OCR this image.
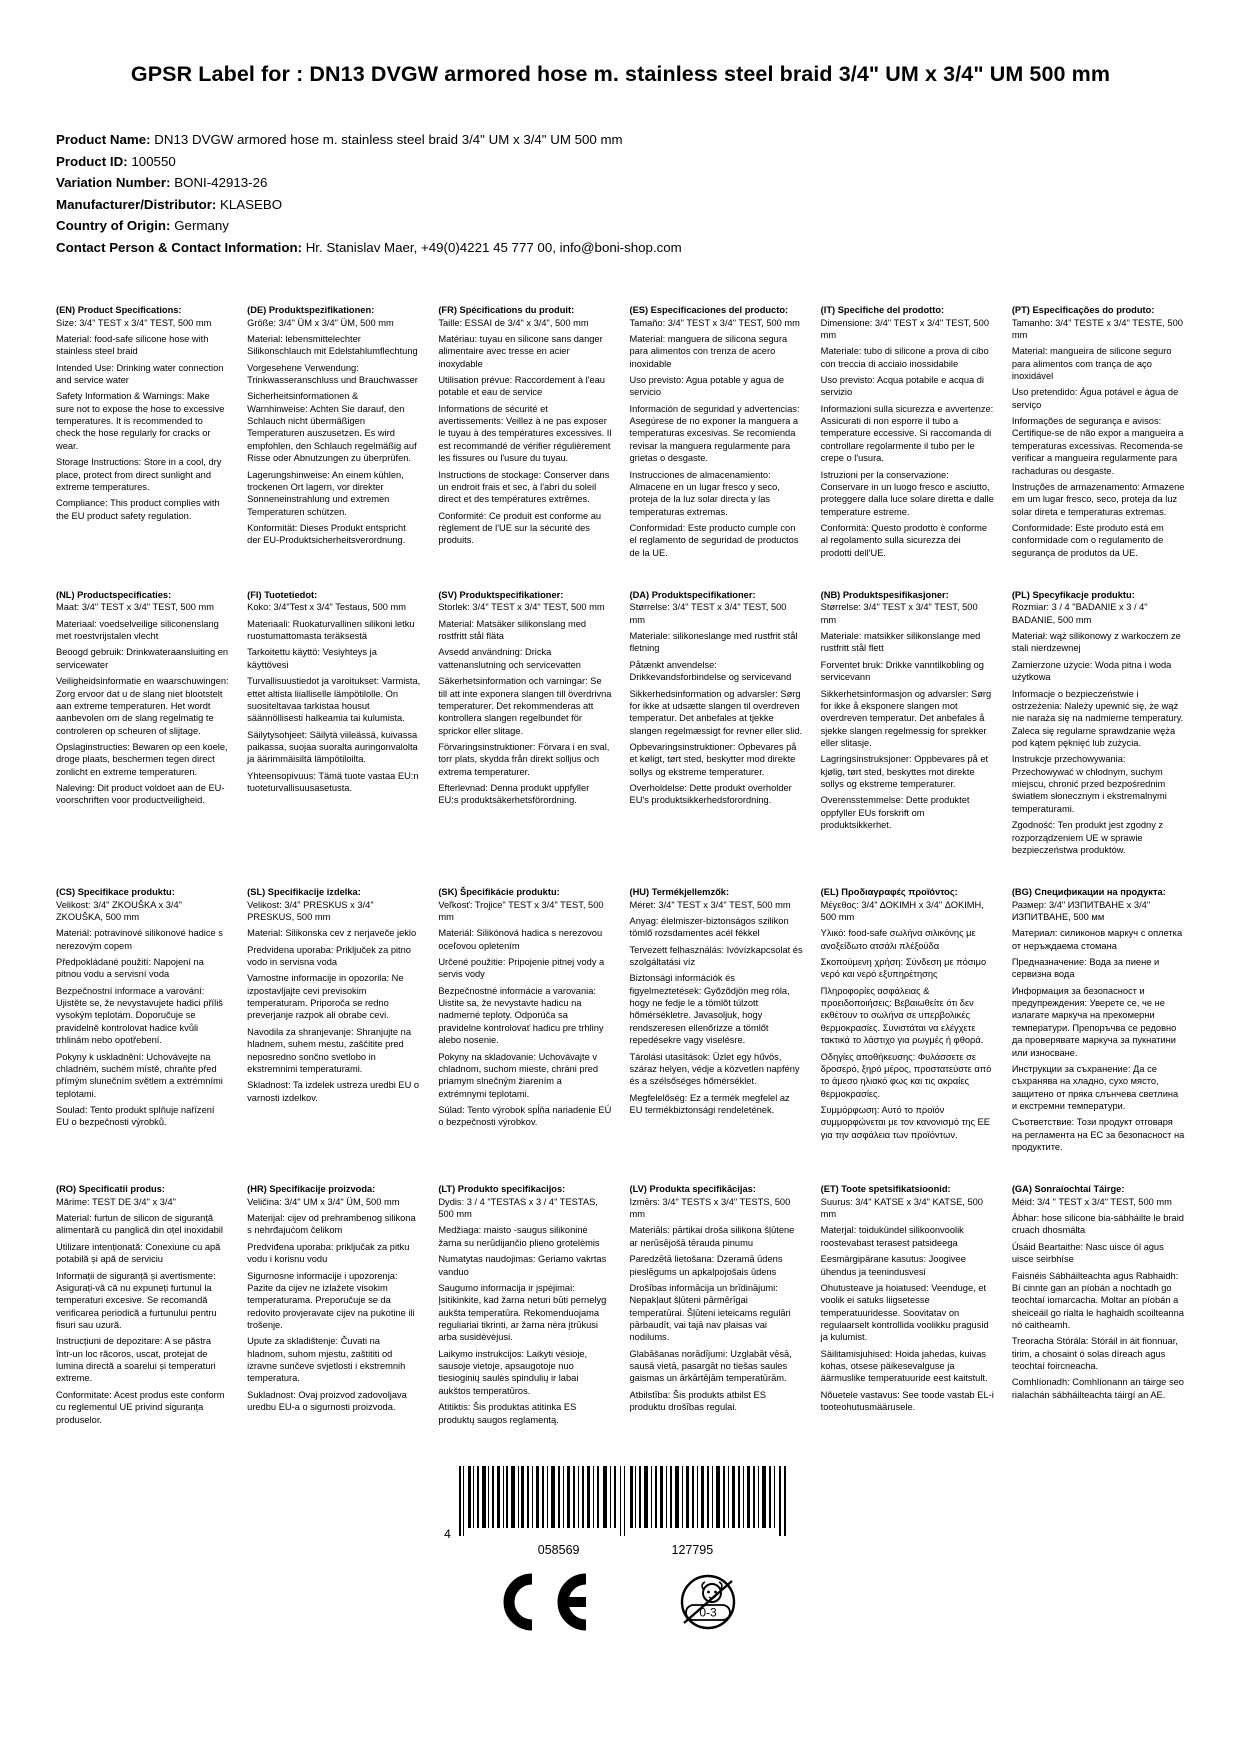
GPSR Label for : DN13 DVGW armored hose m. stainless steel braid 3/4" UM x 3/4" UM 500 mm
Product Name: DN13 DVGW armored hose m. stainless steel braid 3/4" UM x 3/4" UM 500 mm
Product ID: 100550
Variation Number: BONI-42913-26
Manufacturer/Distributor: KLASEBO
Country of Origin: Germany
Contact Person & Contact Information: Hr. Stanislav Maer, +49(0)4221 45 777 00, info@boni-shop.com
(EN) Product Specifications:

Size: 3/4" TEST x 3/4" TEST, 500 mm

Material: food-safe silicone hose with stainless steel braid

Intended Use: Drinking water connection and service water

Safety Information & Warnings: Make sure not to expose the hose to excessive temperatures. It is recommended to check the hose regularly for cracks or wear.

Storage Instructions: Store in a cool, dry place, protect from direct sunlight and extreme temperatures.

Compliance: This product complies with the EU product safety regulation.

(DE) Produktspezifikationen:

Größe: 3/4" ÜM x 3/4" ÜM, 500 mm

Material: lebensmittelechter Silikonschlauch mit Edelstahlumflechtung

Vorgesehene Verwendung: Trinkwasseranschluss und Brauchwasser

Sicherheitsinformationen & Warnhinweise: Achten Sie darauf, den Schlauch nicht übermäßigen Temperaturen auszusetzen. Es wird empfohlen, den Schlauch regelmäßig auf Risse oder Abnutzungen zu überprüfen.

Lagerungshinweise: An einem kühlen, trockenen Ort lagern, vor direkter Sonneneinstrahlung und extremen Temperaturen schützen.

Konformität: Dieses Produkt entspricht der EU-Produktsicherheitsverordnung.

(FR) Spécifications du produit:

Taille: ESSAI de 3/4" x 3/4", 500 mm

Matériau: tuyau en silicone sans danger alimentaire avec tresse en acier inoxydable

Utilisation prévue: Raccordement à l'eau potable et eau de service

Informations de sécurité et avertissements: Veillez à ne pas exposer le tuyau à des températures excessives. Il est recommandé de vérifier régulièrement les fissures ou l'usure du tuyau.

Instructions de stockage: Conserver dans un endroit frais et sec, à l'abri du soleil direct et des températures extrêmes.

Conformité: Ce produit est conforme au règlement de l'UE sur la sécurité des produits.

(ES) Especificaciones del producto:

Tamaño: 3/4" TEST x 3/4" TEST, 500 mm

Material: manguera de silicona segura para alimentos con trenza de acero inoxidable

Uso previsto: Agua potable y agua de servicio

Información de seguridad y advertencias: Asegúrese de no exponer la manguera a temperaturas excesivas. Se recomienda revisar la manguera regularmente para grietas o desgaste.

Instrucciones de almacenamiento: Almacene en un lugar fresco y seco, proteja de la luz solar directa y las temperaturas extremas.

Conformidad: Este producto cumple con el reglamento de seguridad de productos de la UE.

(IT) Specifiche del prodotto:

Dimensione: 3/4" TEST x 3/4" TEST, 500 mm

Materiale: tubo di silicone a prova di cibo con treccia di acciaio inossidabile

Uso previsto: Acqua potabile e acqua di servizio

Informazioni sulla sicurezza e avvertenze: Assicurati di non esporre il tubo a temperature eccessive. Si raccomanda di controllare regolarmente il tubo per le crepe o l'usura.

Istruzioni per la conservazione: Conservare in un luogo fresco e asciutto, proteggere dalla luce solare diretta e dalle temperature estreme.

Conformità: Questo prodotto è conforme al regolamento sulla sicurezza dei prodotti dell'UE.

(PT) Especificações do produto:

Tamanho: 3/4" TESTE x 3/4" TESTE, 500 mm

Material: mangueira de silicone seguro para alimentos com trança de aço inoxidável

Uso pretendido: Água potável e água de serviço

Informações de segurança e avisos: Certifique-se de não expor a mangueira a temperaturas excessivas. Recomenda-se verificar a mangueira regularmente para rachaduras ou desgaste.

Instruções de armazenamento: Armazene em um lugar fresco, seco, proteja da luz solar direta e temperaturas extremas.

Conformidade: Este produto está em conformidade com o regulamento de segurança de produtos da UE.

(NL) Productspecificaties:

Maat: 3/4" TEST x 3/4" TEST, 500 mm

Materiaal: voedselveilige siliconenslang met roestvrijstalen vlecht

Beoogd gebruik: Drinkwateraansluiting en servicewater

Veiligheidsinformatie en waarschuwingen: Zorg ervoor dat u de slang niet blootstelt aan extreme temperaturen. Het wordt aanbevolen om de slang regelmatig te controleren op scheuren of slijtage.

Opslaginstructies: Bewaren op een koele, droge plaats, beschermen tegen direct zonlicht en extreme temperaturen.

Naleving: Dit product voldoet aan de EU-voorschriften voor productveiligheid.

(FI) Tuotetiedot:

Koko: 3/4"Test x 3/4" Testaus, 500 mm

Materiaali: Ruokaturvallinen silikoni letku ruostumattomasta teräksestä

Tarkoitettu käyttö: Vesiyhteys ja käyttövesi

Turvallisuustiedot ja varoitukset: Varmista, ettet altista liialliselle lämpötilolle. On suositeltavaa tarkistaa housut säännöllisesti halkeamia tai kulumista.

Säilytysohjeet: Säilytä viileässä, kuivassa paikassa, suojaa suoralta auringonvalolta ja äärimmäisiltä lämpötiloilta.

Yhteensopivuus: Tämä tuote vastaa EU:n tuoteturvallisuusasetusta.

(SV) Produktspecifikationer:

Storlek: 3/4" TEST x 3/4" TEST, 500 mm

Material: Matsäker silikonslang med rostfritt stål fläta

Avsedd användning: Dricka vattenanslutning och servicevatten

Säkerhetsinformation och varningar: Se till att inte exponera slangen till överdrivna temperaturer. Det rekommenderas att kontrollera slangen regelbundet för sprickor eller slitage.

Förvaringsinstruktioner: Förvara i en sval, torr plats, skydda från direkt solljus och extrema temperaturer.

Efterlevnad: Denna produkt uppfyller EU:s produktsäkerhetsförordning.

(DA) Produktspecifikationer:

Størrelse: 3/4" TEST x 3/4" TEST, 500 mm

Materiale: silikoneslange med rustfrit stål fletning

Påtænkt anvendelse: Drikkevandsforbindelse og servicevand

Sikkerhedsinformation og advarsler: Sørg for ikke at udsætte slangen til overdreven temperatur. Det anbefales at tjekke slangen regelmæssigt for revner eller slid.

Opbevaringsinstruktioner: Opbevares på et køligt, tørt sted, beskytter mod direkte sollys og ekstreme temperaturer.

Overholdelse: Dette produkt overholder EU's produktsikkerhedsforordning.

(NB) Produktspesifikasjoner:

Størrelse: 3/4" TEST x 3/4" TEST, 500 mm

Materiale: matsikker silikonslange med rustfritt stål flett

Forventet bruk: Drikke vanntilkobling og servicevann

Sikkerhetsinformasjon og advarsler: Sørg for ikke å eksponere slangen mot overdreven temperatur. Det anbefales å sjekke slangen regelmessig for sprekker eller slitasje.

Lagringsinstruksjoner: Oppbevares på et kjølig, tørt sted, beskyttes mot direkte sollys og ekstreme temperaturer.

Overensstemmelse: Dette produktet oppfyller EUs forskrift om produktsikkerhet.

(PL) Specyfikacje produktu:

Rozmiar: 3 / 4 "BADANIE x 3 / 4" BADANIE, 500 mm

Materiał: wąż silikonowy z warkoczem ze stali nierdzewnej

Zamierzone użycie: Woda pitna i woda użytkowa

Informacje o bezpieczeństwie i ostrzeżenia: Należy upewnić się, że wąż nie naraża się na nadmierne temperatury. Zaleca się regularne sprawdzanie węża pod kątem pęknięć lub zużycia.

Instrukcje przechowywania: Przechowywać w chłodnym, suchym miejscu, chronić przed bezpośrednim światłem słonecznym i ekstremalnymi temperaturami.

Zgodność: Ten produkt jest zgodny z rozporządzeniem UE w sprawie bezpieczeństwa produktów.

(CS) Specifikace produktu:

Velikost: 3/4" ZKOUŠKA x 3/4" ZKOUŠKA, 500 mm

Materiál: potravinové silikonové hadice s nerezovým copem

Předpokládané použití: Napojení na pitnou vodu a servisní voda

Bezpečnostní informace a varování: Ujistěte se, že nevystavujete hadici příliš vysokým teplotám. Doporučuje se pravidelně kontrolovat hadice kvůli trhlinám nebo opotřebení.

Pokyny k uskladnění: Uchovávejte na chladném, suchém místě, chraňte před přímým slunečním světlem a extrémními teplotami.

Soulad: Tento produkt splňuje nařízení EU o bezpečnosti výrobků.

(SL) Specifikacije izdelka:

Velikost: 3/4" PRESKUS x 3/4" PRESKUS, 500 mm

Material: Silikonska cev z nerjaveče jeklo

Predvidena uporaba: Priključek za pitno vodo in servisna voda

Varnostne informacije in opozorila: Ne izpostavljajte cevi previsokim temperaturam. Priporoča se redno preverjanje razpok ali obrabe cevi.

Navodila za shranjevanje: Shranjujte na hladnem, suhem mestu, zaščitite pred neposredno sončno svetlobo in ekstremnimi temperaturami.

Skladnost: Ta izdelek ustreza uredbi EU o varnosti izdelkov.

(SK) Špecifikácie produktu:

Veľkosť: Trojice" TEST x 3/4" TEST, 500 mm

Materiál: Silikónová hadica s nerezovou oceľovou opletením

Určené použitie: Pripojenie pitnej vody a servis vody

Bezpečnostné informácie a varovania: Uistite sa, že nevystavte hadicu na nadmerné teploty. Odporúča sa pravidelne kontrolovať hadicu pre trhliny alebo nosenie.

Pokyny na skladovanie: Uchovávajte v chladnom, suchom mieste, chráni pred priamym slnečným žiarením a extrémnymi teplotami.

Súlad: Tento výrobok spĺňa nariadenie EÚ o bezpečnosti výrobkov.

(HU) Termékjellemzők:

Méret: 3/4" TEST x 3/4" TEST, 500 mm

Anyag: élelmiszer-biztonságos szilikon tömlő rozsdamentes acél fékkel

Tervezett felhasználás: Ivóvízkapcsolat és szolgáltatási víz

Biztonsági információk és figyelmeztetések: Gyõzõdjön meg róla, hogy ne fedje le a tömlõt túlzott hõmérsékletre. Javasoljuk, hogy rendszeresen ellenőrizze a tömlőt repedésekre vagy viselésre.

Tárolási utasítások: Üzlet egy hűvös, száraz helyen, védje a közvetlen napfény és a szélsőséges hőmérséklet.

Megfelelőség: Ez a termék megfelel az EU termékbiztonsági rendeletének.

(EL) Προδιαγραφές προϊόντος:

Μέγεθος: 3/4" ΔΟΚΙΜΗ x 3/4" ΔΟΚΙΜΗ, 500 mm

Υλικό: food-safe σωλήνα σιλικόνης με ανοξείδωτο ατσάλι πλέξούδα

Σκοπούμενη χρήση: Σύνδεση με πόσιμο νερό και νερό εξυπηρέτησης

Πληροφορίες ασφάλειας & προειδοποιήσεις: Βεβαιωθείτε ότι δεν εκθέτουν το σωλήνα σε υπερβολικές θερμοκρασίες. Συνιστάται να ελέγχετε τακτικά το λάστιχο για ρωγμές ή φθορά.

Οδηγίες αποθήκευσης: Φυλάσσετε σε δροσερό, ξηρό μέρος, προστατεύστε από το άμεσο ηλιακό φως και τις ακραίες θερμοκρασίες.

Συμμόρφωση: Αυτό το προϊόν συμμορφώνεται με τον κανονισμό της ΕΕ για την ασφάλεια των προϊόντων.

(BG) Спецификации на продукта:

Размер: 3/4" ИЗПИТВАНЕ х 3/4" ИЗПИТВАНЕ, 500 мм

Материал: силиконов маркуч с оплетка от неръждаема стомана

Предназначение: Вода за пиене и сервизна вода

Информация за безопасност и предупреждения: Уверете се, че не излагате маркуча на прекомерни температури. Препоръчва се редовно да проверявате маркуча за пукнатини или износване.

Инструкции за съхранение: Да се съхранява на хладно, сухо място, защитено от пряка слънчева светлина и екстремни температури.

Съответствие: Този продукт отговаря на регламента на ЕС за безопасност на продуктите.

(RO) Specificatii produs:

Mărime: TEST DE 3/4" x 3/4"

Material: furtun de silicon de siguranță alimentară cu panglică din oțel inoxidabil

Utilizare intenționată: Conexiune cu apă potabilă și apă de serviciu

Informații de siguranță și avertismente: Asigurați-vă că nu expuneți furtunul la temperaturi excesive. Se recomandă verificarea periodică a furtunului pentru fisuri sau uzură.

Instrucțiuni de depozitare: A se păstra într-un loc răcoros, uscat, protejat de lumina directă a soarelui și temperaturi extreme.

Conformitate: Acest produs este conform cu reglementul UE privind siguranța produselor.

(HR) Specifikacije proizvoda:

Veličina: 3/4" UM x 3/4" ÜM, 500 mm

Materijal: cijev od prehrambenog silikona s nehrđajućom čelikom

Predviđena uporaba: priključak za pitku vodu i korisnu vodu

Sigurnosne informacije i upozorenja: Pazite da cijev ne izlažete visokim temperaturama. Preporučuje se da redovito provjeravate cijev na pukotine ili trošenje.

Upute za skladištenje: Čuvati na hladnom, suhom mjestu, zaštititi od izravne sunčeve svjetlosti i ekstremnih temperatura.

Sukladnost: Ovaj proizvod zadovoljava uredbu EU-a o sigurnosti proizvoda.

(LT) Produkto specifikacijos:

Dydis: 3 / 4 "TESTAS x 3 / 4" TESTAS, 500 mm

Medžiaga: maisto -saugus silikoninė žarna su nerūdijančio plieno grotelėmis

Numatytas naudojimas: Geriamo vakrtas vanduo

Saugumo informacija ir įspėjimai: Įsitikinkite, kad žarna neturi būti pernelyg aukšta temperatūra. Rekomenduojama reguliariai tikrinti, ar žarna nėra įtrūkusi arba susidėvėjusi.

Laikymo instrukcijos: Laikyti vėsioje, sausoje vietoje, apsaugotoje nuo tiesioginių saulės spindulių ir labai aukštos temperatūros.

Atitiktis: Šis produktas atitinka ES produktų saugos reglamentą.

(LV) Produkta specifikācijas:

Izmērs: 3/4" TESTS x 3/4" TESTS, 500 mm

Materiāls: pārtikai droša silikona šļūtene ar nerūsējošā tērauda pinumu

Paredzētā lietošana: Dzeramā ūdens pieslēgums un apkalpojošais ūdens

Drošības informācija un brīdinājumi: Nepakļaut šļūteni pārmērīgai temperatūrai. Šļūteni ieteicams regulāri pārbaudīt, vai tajā nav plaisas vai nodilums.

Glabāšanas norādījumi: Uzglabāt vēsā, sausā vietā, pasargāt no tiešas saules gaismas un ārkārtējām temperatūrām.

Atbilstība: Šis produkts atbilst ES produktu drošības regulai.

(ET) Toote spetsifikatsioonid:

Suurus: 3/4" KATSE x 3/4" KATSE, 500 mm

Materjal: toidukündel silikoonvoolik roostevabast terasest patsideega

Eesmärgipärane kasutus: Joogivee ühendus ja teenindusvesi

Ohutusteave ja hoiatused: Veenduge, et voolik ei satuks liigsetesse temperatuuridesse. Soovitatav on regulaarselt kontrollida voolikku pragusid ja kulumist.

Säilitamisjuhised: Hoida jahedas, kuivas kohas, otsese päikesevalguse ja äärmuslike temperatuuride eest kaitstult.

Nõuetele vastavus: See toode vastab EL-i tooteohutusmäärusele.

(GA) Sonraíochtaí Táirge:

Méid: 3/4 " TEST x 3/4" TEST, 500 mm

Ábhar: hose silicone bia-sábháilte le braid cruach dhosmálta

Úsáid Beartaithe: Nasc uisce ól agus uisce seirbhíse

Faisnéis Sábháilteachta agus Rabhaidh: Bí cinnte gan an píobán a nochtadh go teochtaí iomarcacha. Moltar an píobán a sheiceáil go rialta le haghaidh scoilteanna nó caitheamh.

Treoracha Stórála: Stóráil in áit fionnuar, tirim, a chosaint ó solas díreach agus teochtaí foircneacha.

Comhlíonadh: Comhlíonann an táirge seo rialachán sábháilteachta táirgí an AE.

4
058569	127795
0-3
